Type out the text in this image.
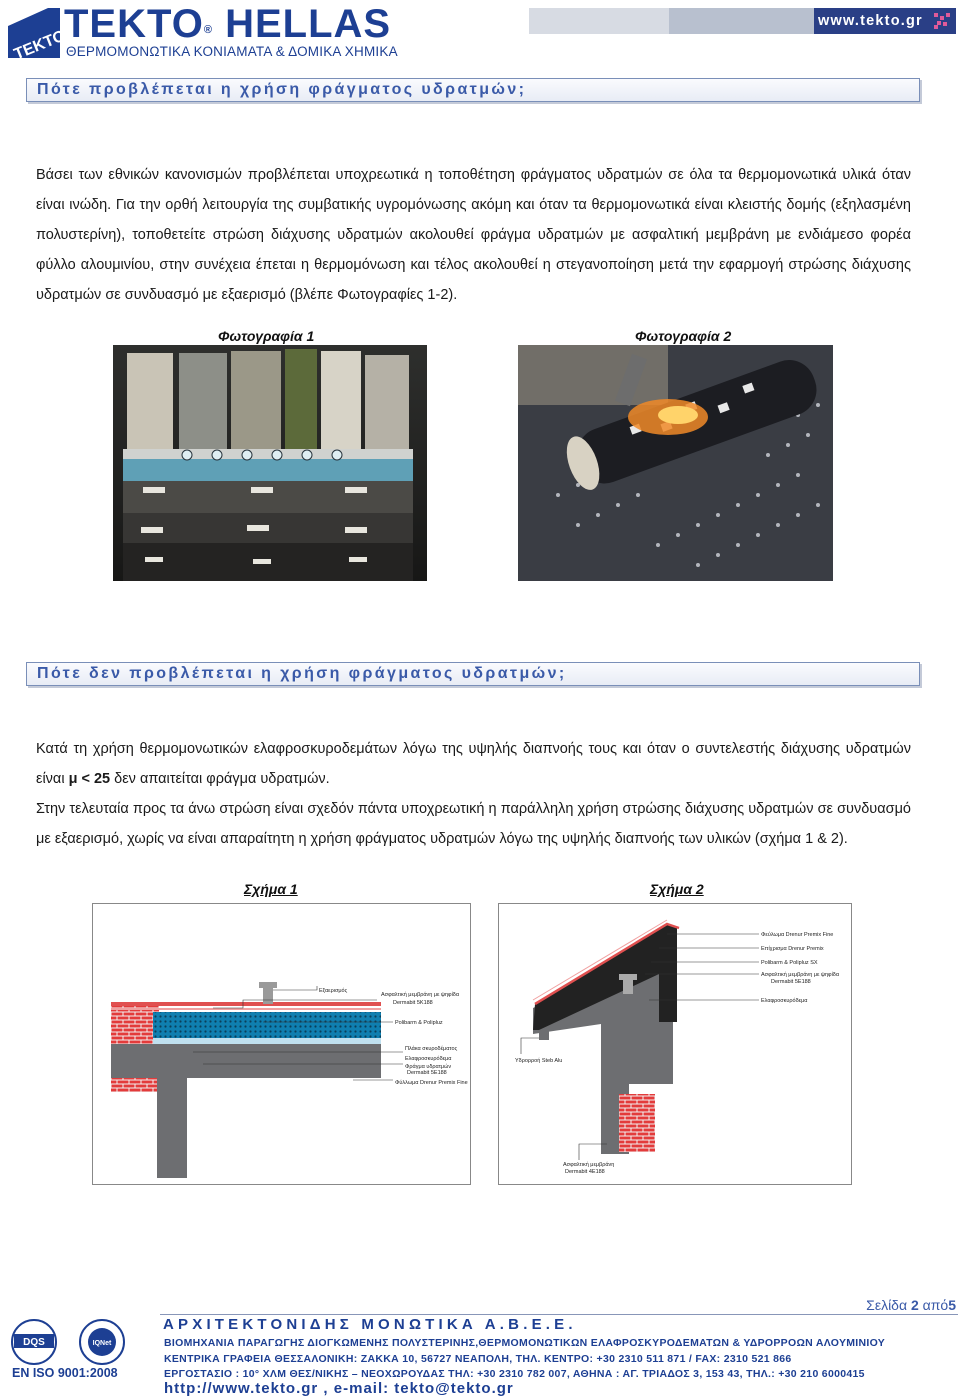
TEKTO
TEKTO® HELLAS
ΘΕΡΜΟΜΟΝΩΤΙΚΑ ΚΟΝΙΑΜΑΤΑ & ΔΟΜΙΚΑ ΧΗΜΙΚΑ
www.tekto.gr
Πότε προβλέπεται η χρήση φράγματος υδρατμών;

Βάσει των εθνικών κανονισμών προβλέπεται υποχρεωτικά η τοποθέτηση φράγματος υδρατμών σε όλα τα θερμομονωτικά υλικά όταν είναι ινώδη. Για την ορθή λειτουργία της συμβατικής υγρομόνωσης ακόμη και όταν τα θερμομονωτικά είναι κλειστής δομής (εξηλασμένη πολυστερίνη), τοποθετείτε στρώση διάχυσης υδρατμών ακολουθεί φράγμα υδρατμών με ασφαλτική μεμβράνη με ενδιάμεσο φορέα φύλλο αλουμινίου, στην συνέχεια έπεται η θερμομόνωση και τέλος ακολουθεί η στεγανοποίηση μετά την εφαρμογή στρώσης διάχυσης υδρατμών σε συνδυασμό με εξαερισμό (βλέπε Φωτογραφίες 1-2).

Φωτογραφία 1	Φωτογραφία 2
Πότε δεν προβλέπεται η χρήση φράγματος υδρατμών;

Κατά τη χρήση θερμομονωτικών ελαφροσκυροδεμάτων λόγω της υψηλής διαπνοής τους και όταν ο συντελεστής διάχυσης υδρατμών είναι μ < 25 δεν απαιτείται φράγμα υδρατμών.

Στην τελευταία προς τα άνω στρώση είναι σχεδόν πάντα υποχρεωτική η παράλληλη χρήση στρώσης διάχυσης υδρατμών σε συνδυασμό με εξαερισμό, χωρίς να είναι απαραίτητη η χρήση φράγματος υδρατμών λόγω της υψηλής διαπνοής των υλικών (σχήμα 1 & 2).

Σχήμα 1	Σχήμα 2
Εξαερισμός
Ασφαλτική μεμβράνη με ψηφίδα
Dermabit 5K188
Polibarm & Polipluz
Πλάκα σκυροδέματος
Ελαφροσκυρόδεμα
Φράγμα υδρατμών
Dermabit 5E188
Φύλλωμα Drenur Premix Fine
Φεύλωμα Drenur Premix Fine
Επίχρισμα Drenur Premix
Polibarm & Polipluz SX
Ασφαλτική μεμβράνη με ψηφίδα
Dermabit 5E188
Ελαφροσκυρόδεμα
Υδρορροή Steb Alu
Ασφαλτική μεμβράνη
Dermabit 4E188
Σελίδα 2 από5
DQS	IQNet
EN ISO 9001:2008
ΑΡΧΙΤΕΚΤΟΝΙΔΗΣ ΜΟΝΩΤΙΚΑ Α.Β.Ε.Ε.
ΒΙΟΜΗΧΑΝΙΑ ΠΑΡΑΓΩΓΗΣ ΔΙΟΓΚΩΜΕΝΗΣ ΠΟΛΥΣΤΕΡΙΝΗΣ,ΘΕΡΜΟΜΟΝΩΤΙΚΩΝ ΕΛΑΦΡΟΣΚΥΡΟΔΕΜΑΤΩΝ & ΥΔΡΟΡΡΟΩΝ ΑΛΟΥΜΙΝΙΟΥ
ΚΕΝΤΡΙΚΑ ΓΡΑΦΕΙΑ ΘΕΣΣΑΛΟΝΙΚΗ: ΖΑΚΚΑ 10, 56727 ΝΕΑΠΟΛΗ, ΤΗΛ. ΚΕΝΤΡΟ: +30 2310 511 871 / FAX: 2310 521 866
ΕΡΓΟΣΤΑΣΙΟ : 10° ΧΛΜ ΘΕΣ/ΝΙΚΗΣ – ΝΕΟΧΩΡΟΥΔΑΣ ΤΗΛ: +30 2310 782 007, ΑΘΗΝΑ : ΑΓ. ΤΡΙΑΔΟΣ 3, 153 43, ΤΗΛ.: +30 210 6000415
http://www.tekto.gr , e-mail: tekto@tekto.gr
